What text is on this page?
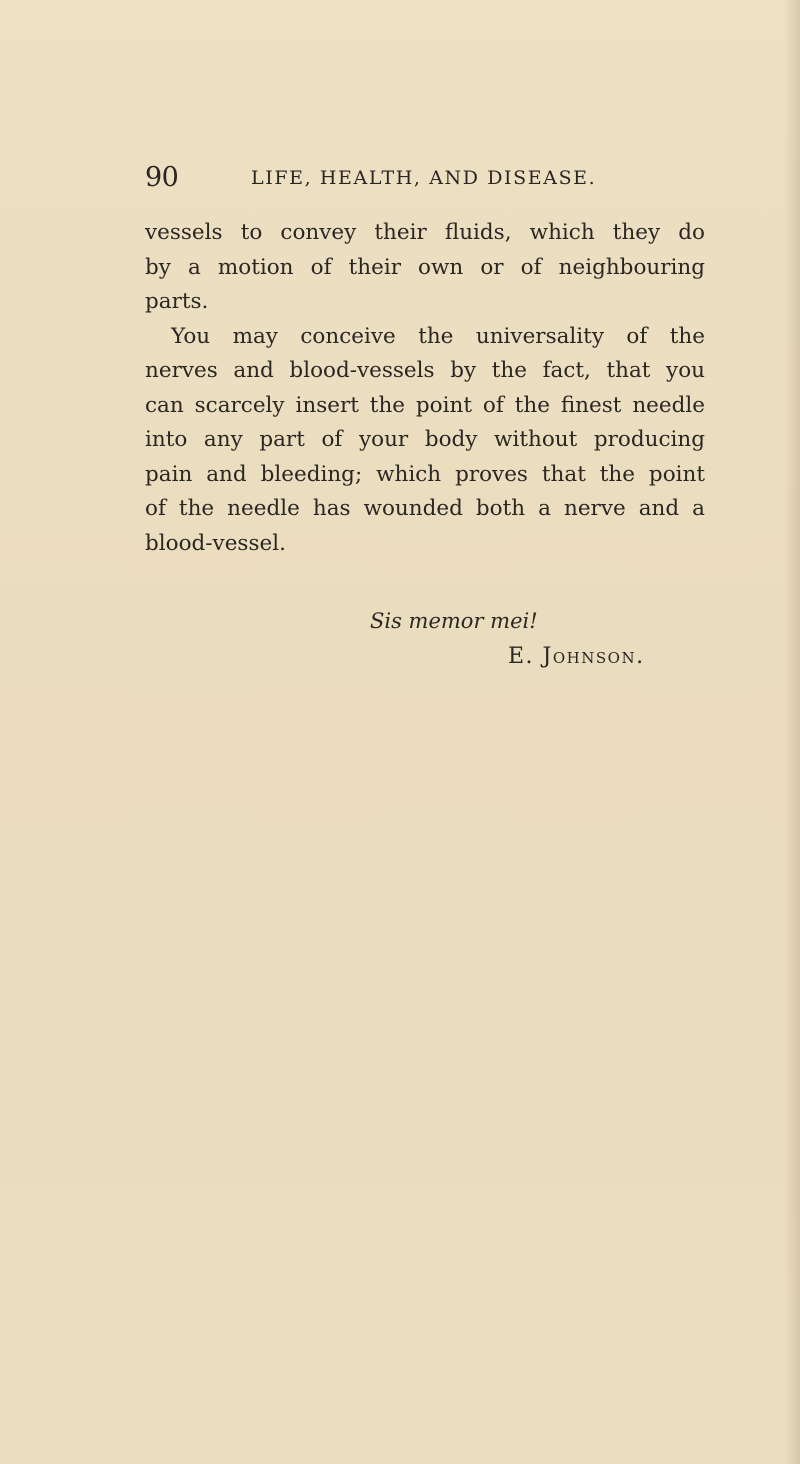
90	LIFE, HEALTH, AND DISEASE.
vessels to convey their fluids, which they do
by a motion of their own or of neighbouring
parts.
You may conceive the universality of the
nerves and blood-vessels by the fact, that you
can scarcely insert the point of the finest needle
into any part of your body without producing
pain and bleeding; which proves that the point
of the needle has wounded both a nerve and a
blood-vessel.
Sis memor mei!
E. Johnson.
